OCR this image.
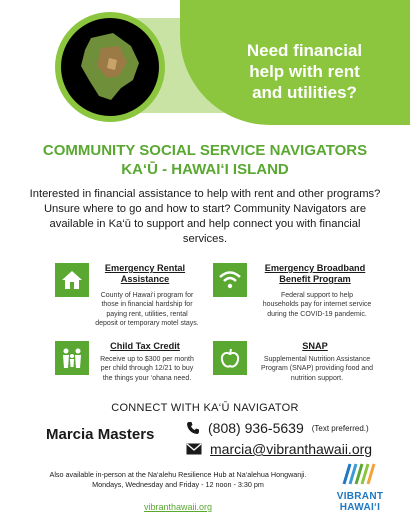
Need financial
help with rent
and utilities?
COMMUNITY SOCIAL SERVICE NAVIGATORS
KA‘Ū - HAWAI‘I ISLAND
Interested in financial assistance to help with rent and other programs? Unsure where to go and how to start? Community Navigators are available in Ka‘ū to support and help connect you with financial services.
Emergency Rental
Assistance
County of Hawai‘i program for
those in financial hardship for
paying rent, utilities, rental
deposit or temporary motel stays.
Emergency Broadband
Benefit Program
Federal support to help
households pay for internet service
during the COVID-19 pandemic.
Child Tax Credit
Receive up to $300 per month
per child through 12/21 to buy
the things your ‘ohana need.
SNAP
Supplemental Nutrition Assistance
Program (SNAP) providing food and
nutrition support.
CONNECT WITH KA‘Ū NAVIGATOR
Marcia Masters	(808) 936-5639 (Text preferred.)
marcia@vibranthawaii.org
Also available in-person at the Na‘alehu Resilience Hub at Na‘alehua Hongwanji.
Mondays, Wednesday and Friday - 12 noon - 3:30 pm
vibranthawaii.org
VIBRANT
HAWAI‘I
